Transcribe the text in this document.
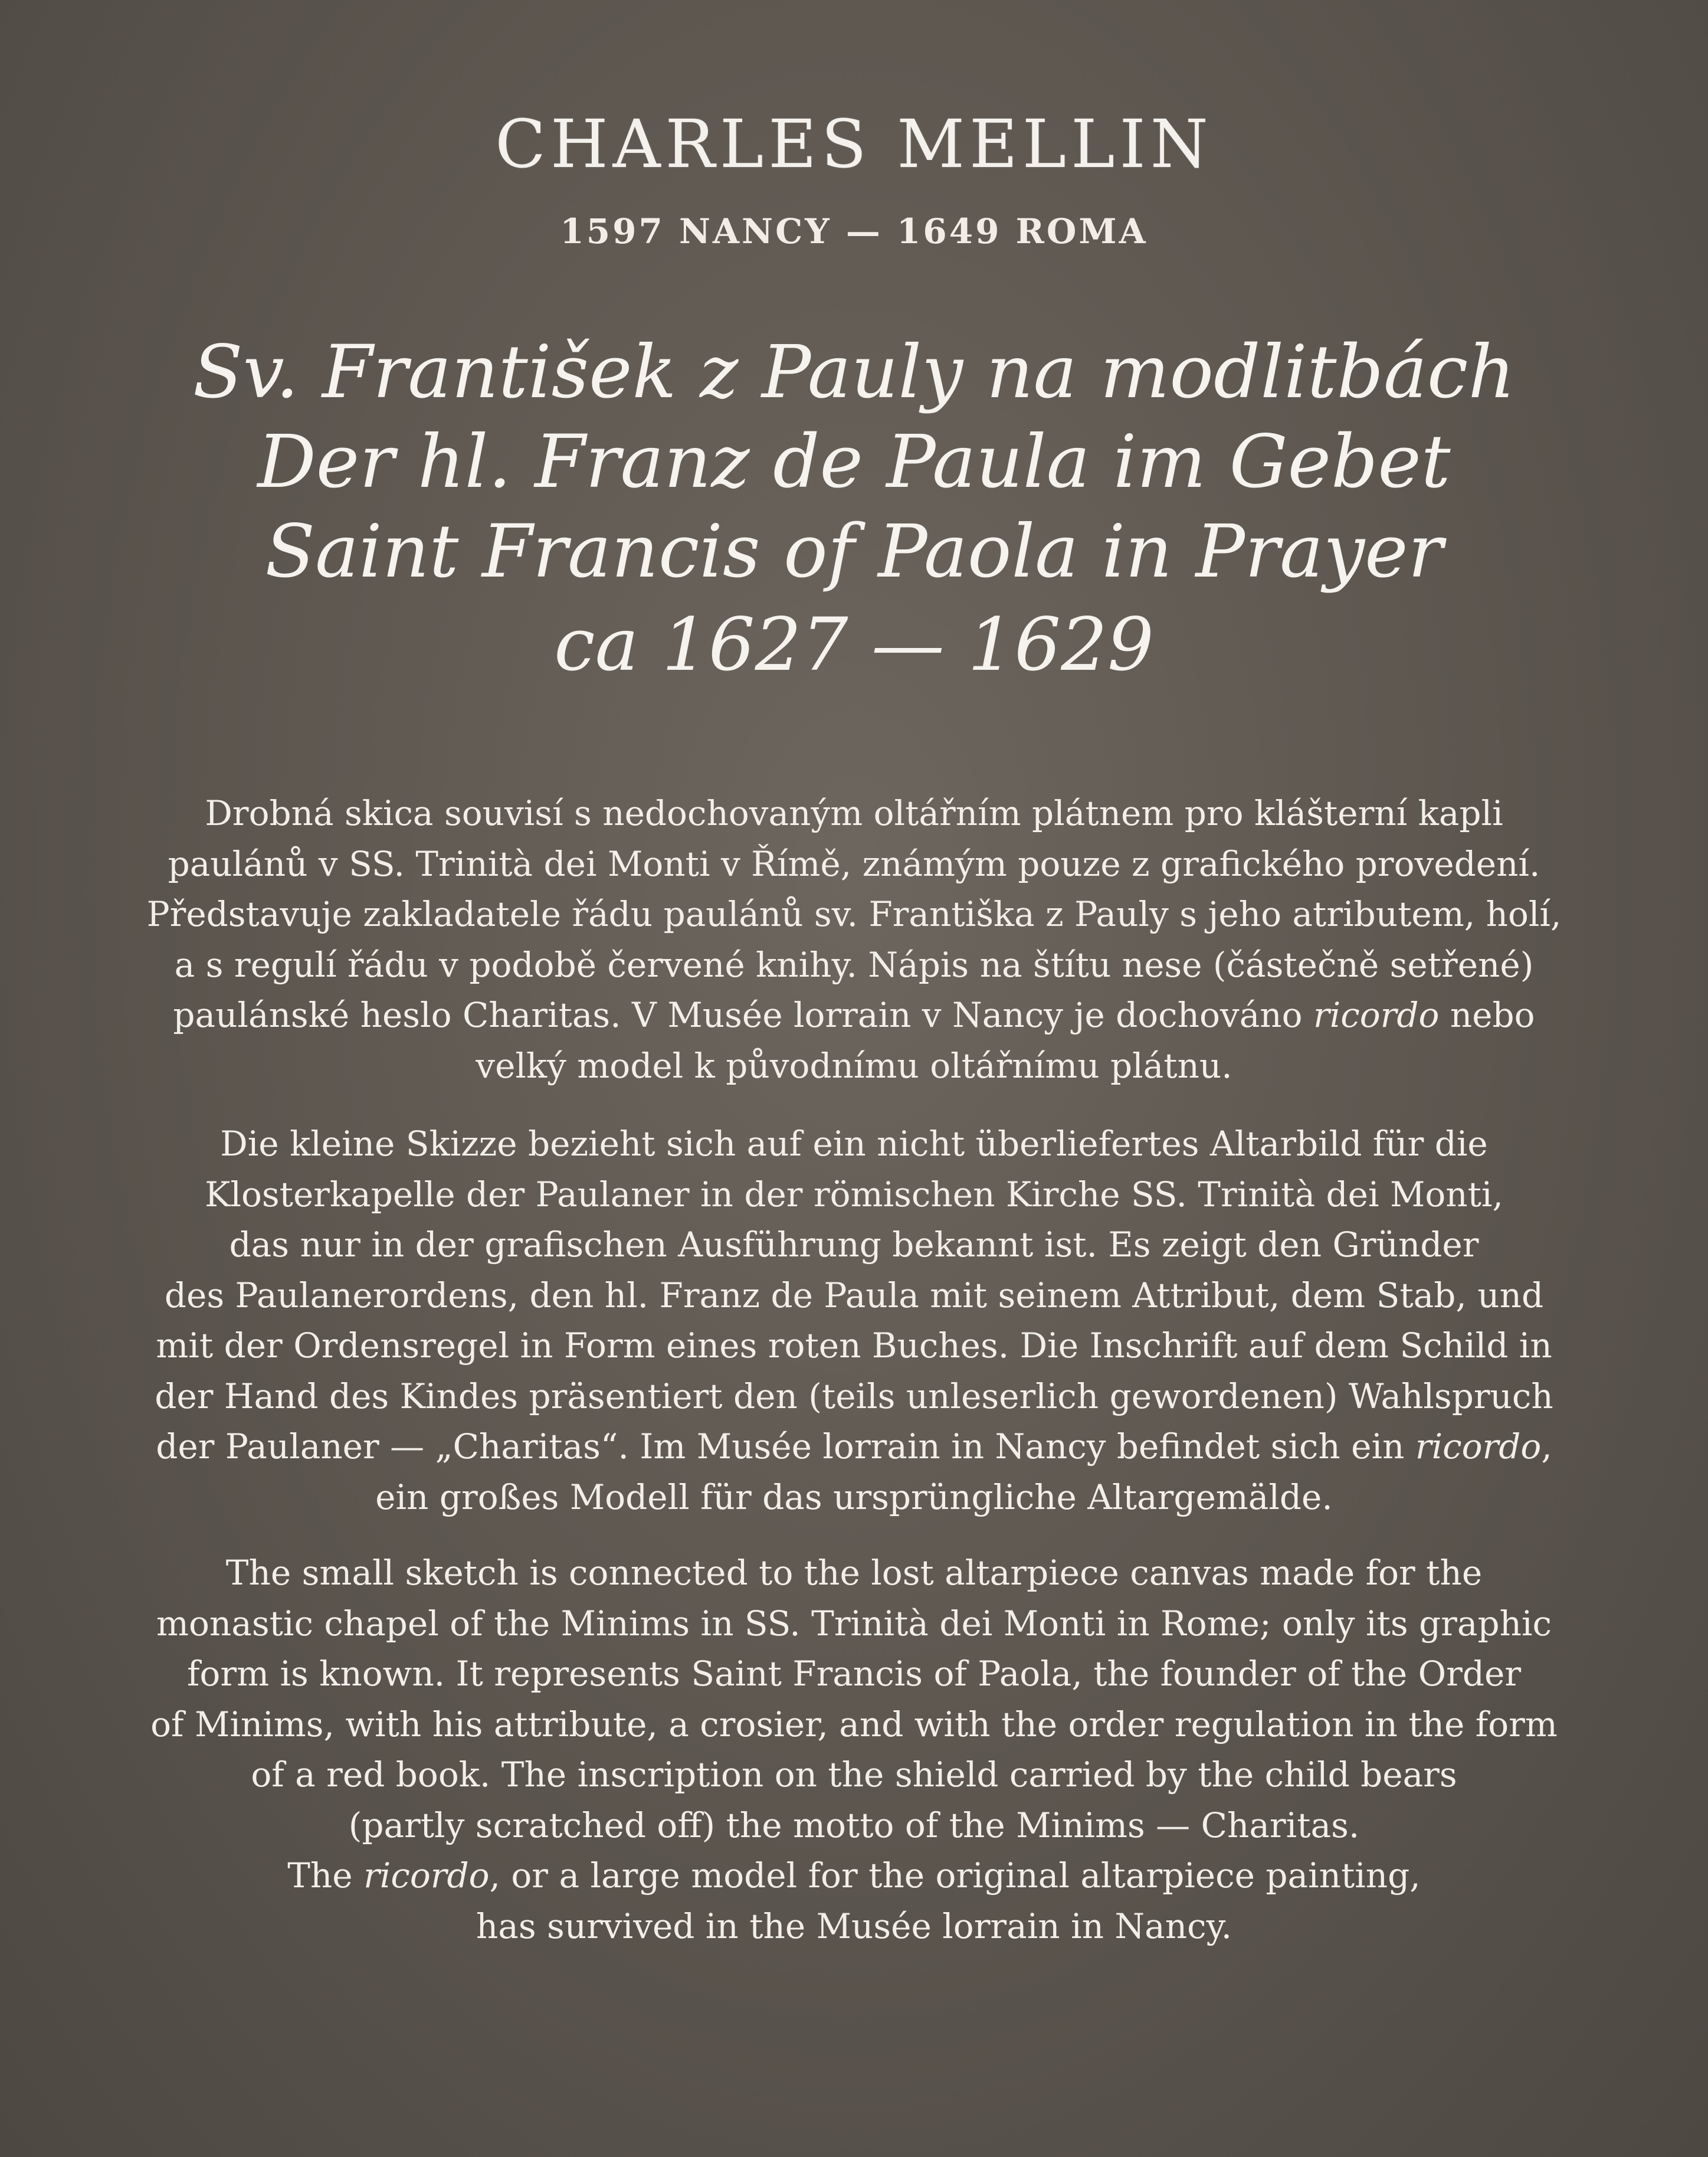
CHARLES MELLIN
1597 NANCY — 1649 ROMA
Sv. František z Pauly na modlitbách
Der hl. Franz de Paula im Gebet
Saint Francis of Paola in Prayer
ca 1627 — 1629
Drobná skica souvisí s nedochovaným oltářním plátnem pro klášterní kapli
paulánů v SS. Trinità dei Monti v Římě, známým pouze z grafického provedení.
Představuje zakladatele řádu paulánů sv. Františka z Pauly s jeho atributem, holí,
a s regulí řádu v podobě červené knihy. Nápis na štítu nese (částečně setřené)
paulánské heslo Charitas. V Musée lorrain v Nancy je dochováno ricordo nebo
velký model k původnímu oltářnímu plátnu.
Die kleine Skizze bezieht sich auf ein nicht überliefertes Altarbild für die
Klosterkapelle der Paulaner in der römischen Kirche SS. Trinità dei Monti,
das nur in der grafischen Ausführung bekannt ist. Es zeigt den Gründer
des Paulanerordens, den hl. Franz de Paula mit seinem Attribut, dem Stab, und
mit der Ordensregel in Form eines roten Buches. Die Inschrift auf dem Schild in
der Hand des Kindes präsentiert den (teils unleserlich gewordenen) Wahlspruch
der Paulaner — „Charitas“. Im Musée lorrain in Nancy befindet sich ein ricordo,
ein großes Modell für das ursprüngliche Altargemälde.
The small sketch is connected to the lost altarpiece canvas made for the
monastic chapel of the Minims in SS. Trinità dei Monti in Rome; only its graphic
form is known. It represents Saint Francis of Paola, the founder of the Order
of Minims, with his attribute, a crosier, and with the order regulation in the form
of a red book. The inscription on the shield carried by the child bears
(partly scratched off) the motto of the Minims — Charitas.
The ricordo, or a large model for the original altarpiece painting,
has survived in the Musée lorrain in Nancy.
